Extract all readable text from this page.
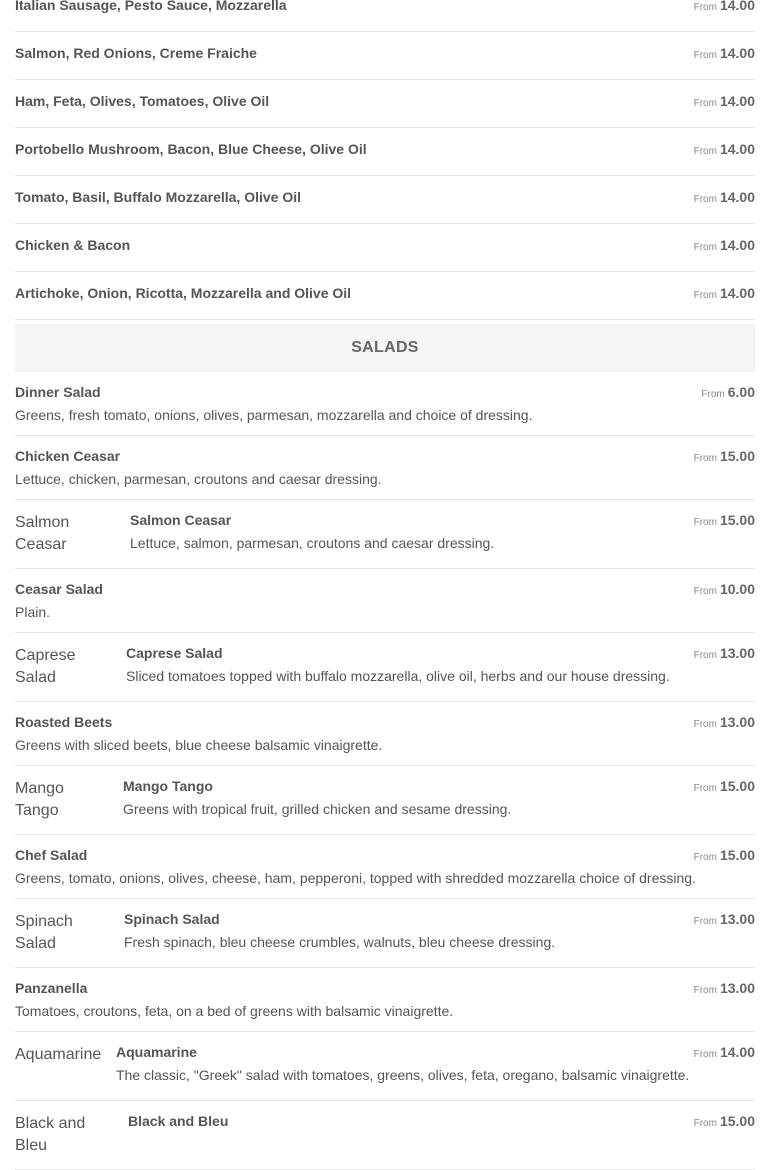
Italian Sausage, Pesto Sauce, Mozzarella	From 14.00
Salmon, Red Onions, Creme Fraiche	From 14.00
Ham, Feta, Olives, Tomatoes, Olive Oil	From 14.00
Portobello Mushroom, Bacon, Blue Cheese, Olive Oil	From 14.00
Tomato, Basil, Buffalo Mozzarella, Olive Oil	From 14.00
Chicken & Bacon	From 14.00
Artichoke, Onion, Ricotta, Mozzarella and Olive Oil	From 14.00
SALADS
Dinner Salad
Greens, fresh tomato, onions, olives, parmesan, mozzarella and choice of dressing.
From 6.00
Chicken Ceasar
Lettuce, chicken, parmesan, croutons and caesar dressing.
From 15.00
Salmon Ceasar
Salmon Ceasar
Lettuce, salmon, parmesan, croutons and caesar dressing.
From 15.00
Ceasar Salad
Plain.
From 10.00
Caprese Salad
Caprese Salad
Sliced tomatoes topped with buffalo mozzarella, olive oil, herbs and our house dressing.
From 13.00
Roasted Beets
Greens with sliced beets, blue cheese balsamic vinaigrette.
From 13.00
Mango Tango
Mango Tango
Greens with tropical fruit, grilled chicken and sesame dressing.
From 15.00
Chef Salad
Greens, tomato, onions, olives, cheese, ham, pepperoni, topped with shredded mozzarella choice of dressing.
From 15.00
Spinach Salad
Spinach Salad
Fresh spinach, bleu cheese crumbles, walnuts, bleu cheese dressing.
From 13.00
Panzanella
Tomatoes, croutons, feta, on a bed of greens with balsamic vinaigrette.
From 13.00
Aquamarine Aquamarine
The classic, "Greek" salad with tomatoes, greens, olives, feta, oregano, balsamic vinaigrette.
From 14.00
Black and Bleu
Black and Bleu	From 15.00
